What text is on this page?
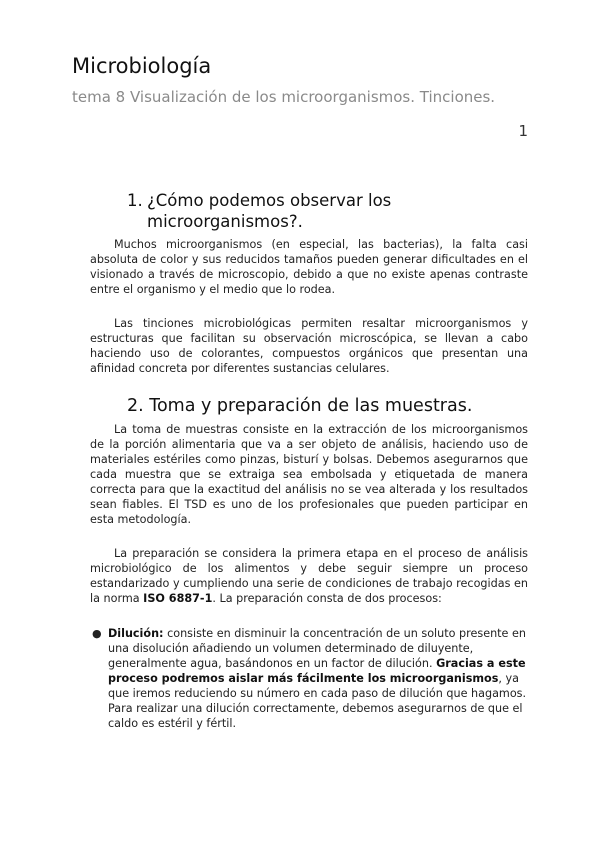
Microbiología
tema 8 Visualización de los microorganismos. Tinciones.
1
1. ¿Cómo podemos observar los microorganismos?.

Muchos microorganismos (en especial, las bacterias), la falta casi absoluta de color y sus reducidos tamaños pueden generar dificultades en el visionado a través de microscopio, debido a que no existe apenas contraste entre el organismo y el medio que lo rodea.

Las tinciones microbiológicas permiten resaltar microorganismos y estructuras que facilitan su observación microscópica, se llevan a cabo haciendo uso de colorantes, compuestos orgánicos que presentan una afinidad concreta por diferentes sustancias celulares.

2. Toma y preparación de las muestras.

La toma de muestras consiste en la extracción de los microorganismos de la porción alimentaria que va a ser objeto de análisis, haciendo uso de materiales estériles como pinzas, bisturí y bolsas. Debemos asegurarnos que cada muestra que se extraiga sea embolsada y etiquetada de manera correcta para que la exactitud del análisis no se vea alterada y los resultados sean fiables. El TSD es uno de los profesionales que pueden participar en esta metodología.

La preparación se considera la primera etapa en el proceso de análisis microbiológico de los alimentos y debe seguir siempre un proceso estandarizado y cumpliendo una serie de condiciones de trabajo recogidas en la norma ISO 6887-1. La preparación consta de dos procesos:

● Dilución: consiste en disminuir la concentración de un soluto presente en una disolución añadiendo un volumen determinado de diluyente, generalmente agua, basándonos en un factor de dilución. Gracias a este proceso podremos aislar más fácilmente los microorganismos, ya que iremos reduciendo su número en cada paso de dilución que hagamos. Para realizar una dilución correctamente, debemos asegurarnos de que el caldo es estéril y fértil.
